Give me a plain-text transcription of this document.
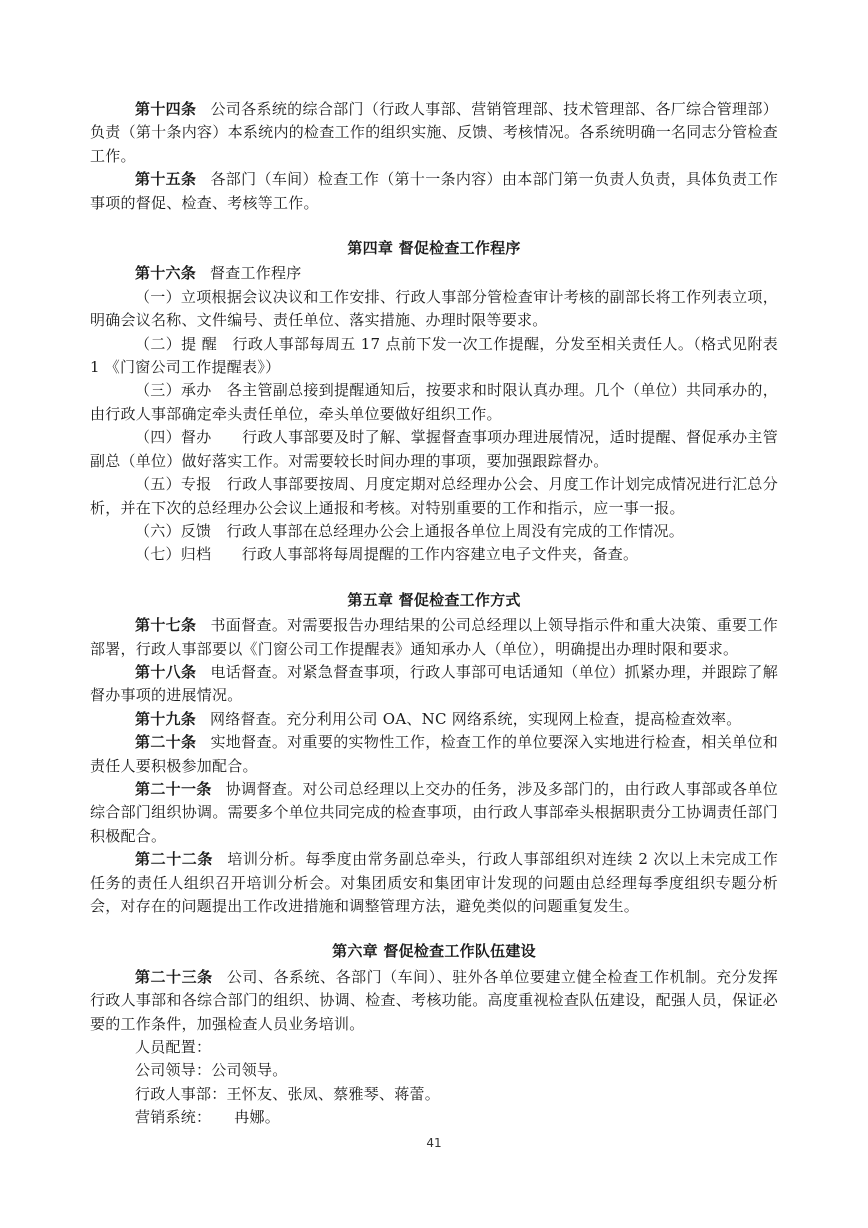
第十四条 公司各系统的综合部门（行政人事部、营销管理部、技术管理部、各厂综合管理部）负责（第十条内容）本系统内的检查工作的组织实施、反馈、考核情况。各系统明确一名同志分管检查工作。

第十五条 各部门（车间）检查工作（第十一条内容）由本部门第一负责人负责，具体负责工作事项的督促、检查、考核等工作。

第四章 督促检查工作程序

第十六条 督查工作程序

（一）立项根据会议决议和工作安排、行政人事部分管检查审计考核的副部长将工作列表立项，明确会议名称、文件编号、责任单位、落实措施、办理时限等要求。

（二）提 醒　行政人事部每周五 17 点前下发一次工作提醒，分发至相关责任人。（格式见附表 1 《门窗公司工作提醒表》）

（三）承办　各主管副总接到提醒通知后，按要求和时限认真办理。几个（单位）共同承办的，由行政人事部确定牵头责任单位，牵头单位要做好组织工作。

（四）督办　　行政人事部要及时了解、掌握督查事项办理进展情况，适时提醒、督促承办主管副总（单位）做好落实工作。对需要较长时间办理的事项，要加强跟踪督办。

（五）专报　行政人事部要按周、月度定期对总经理办公会、月度工作计划完成情况进行汇总分析，并在下次的总经理办公会议上通报和考核。对特别重要的工作和指示，应一事一报。

（六）反馈　行政人事部在总经理办公会上通报各单位上周没有完成的工作情况。

（七）归档　　行政人事部将每周提醒的工作内容建立电子文件夹，备查。

第五章 督促检查工作方式

第十七条 书面督查。对需要报告办理结果的公司总经理以上领导指示件和重大决策、重要工作部署，行政人事部要以《门窗公司工作提醒表》通知承办人（单位），明确提出办理时限和要求。

第十八条 电话督查。对紧急督查事项，行政人事部可电话通知（单位）抓紧办理，并跟踪了解督办事项的进展情况。

第十九条 网络督查。充分利用公司 OA、NC 网络系统，实现网上检查，提高检查效率。

第二十条 实地督查。对重要的实物性工作，检查工作的单位要深入实地进行检查，相关单位和责任人要积极参加配合。

第二十一条 协调督查。对公司总经理以上交办的任务，涉及多部门的，由行政人事部或各单位综合部门组织协调。需要多个单位共同完成的检查事项，由行政人事部牵头根据职责分工协调责任部门积极配合。

第二十二条 培训分析。每季度由常务副总牵头，行政人事部组织对连续 2 次以上未完成工作任务的责任人组织召开培训分析会。对集团质安和集团审计发现的问题由总经理每季度组织专题分析会，对存在的问题提出工作改进措施和调整管理方法，避免类似的问题重复发生。

第六章 督促检查工作队伍建设

第二十三条 公司、各系统、各部门（车间）、驻外各单位要建立健全检查工作机制。充分发挥行政人事部和各综合部门的组织、协调、检查、考核功能。高度重视检查队伍建设，配强人员，保证必要的工作条件，加强检查人员业务培训。

人员配置：

公司领导：公司领导。

行政人事部：王怀友、张凤、蔡雅琴、蒋蕾。

营销系统：　　冉娜。

41
